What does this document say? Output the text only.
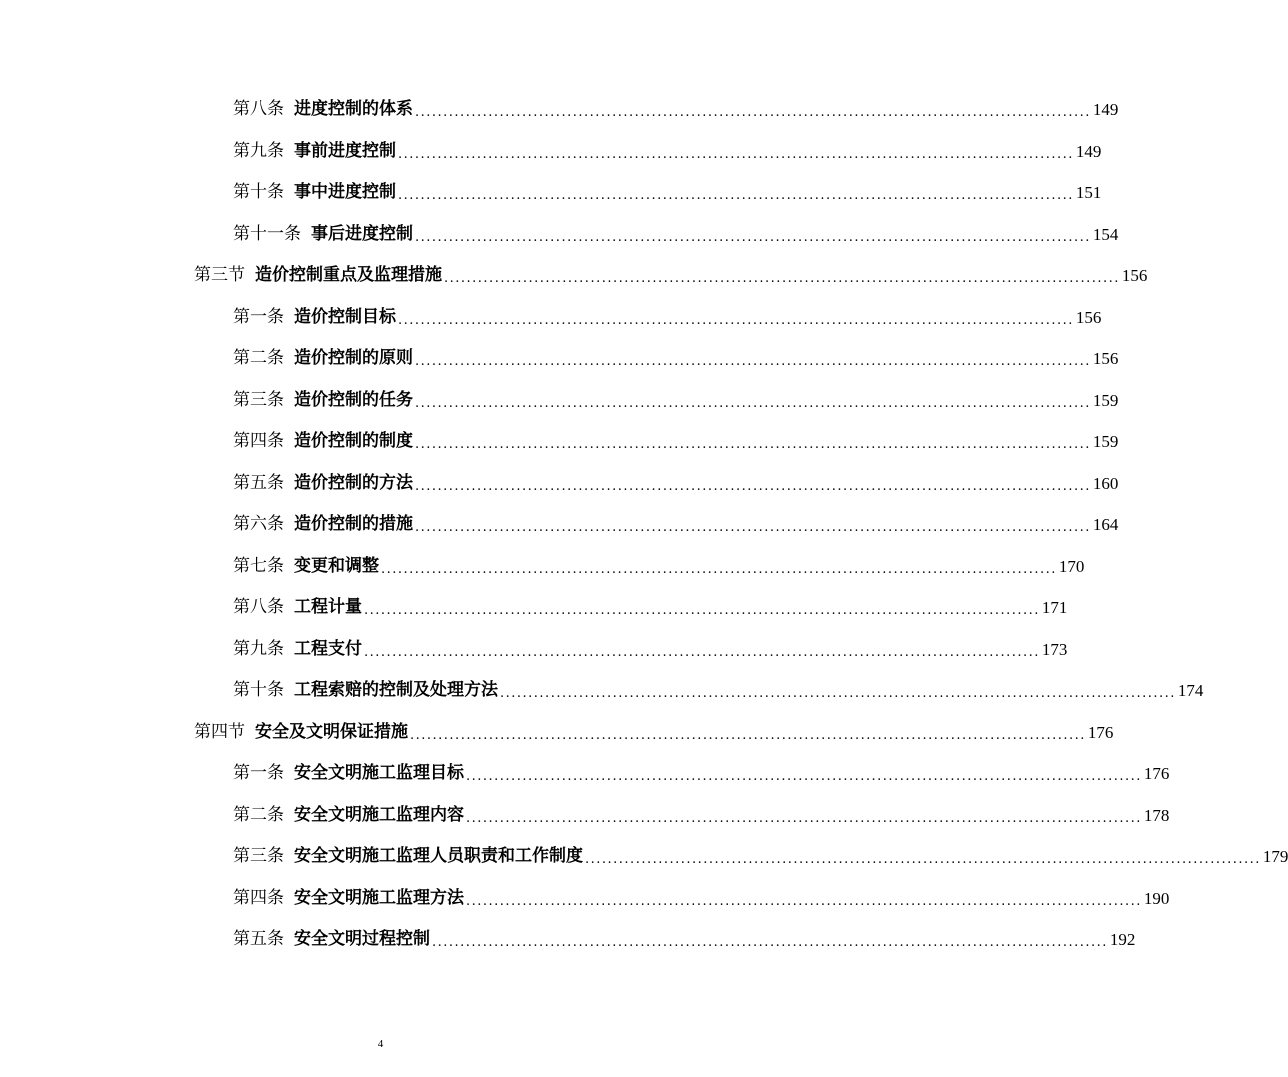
第八条 进度控制的体系 ........................................................................................................................ 149
第九条 事前进度控制 ........................................................................................................................ 149
第十条 事中进度控制 ........................................................................................................................ 151
第十一条 事后进度控制 ........................................................................................................................ 154
第三节 造价控制重点及监理措施 ........................................................................................................................ 156
第一条 造价控制目标 ........................................................................................................................ 156
第二条 造价控制的原则 ........................................................................................................................ 156
第三条 造价控制的任务 ........................................................................................................................ 159
第四条 造价控制的制度 ........................................................................................................................ 159
第五条 造价控制的方法 ........................................................................................................................ 160
第六条 造价控制的措施 ........................................................................................................................ 164
第七条 变更和调整 ........................................................................................................................ 170
第八条 工程计量 ........................................................................................................................ 171
第九条 工程支付 ........................................................................................................................ 173
第十条 工程索赔的控制及处理方法 ........................................................................................................................ 174
第四节 安全及文明保证措施 ........................................................................................................................ 176
第一条 安全文明施工监理目标 ........................................................................................................................ 176
第二条 安全文明施工监理内容 ........................................................................................................................ 178
第三条 安全文明施工监理人员职责和工作制度 ........................................................................................................................ 179
第四条 安全文明施工监理方法 ........................................................................................................................ 190
第五条 安全文明过程控制 ........................................................................................................................ 192
4
